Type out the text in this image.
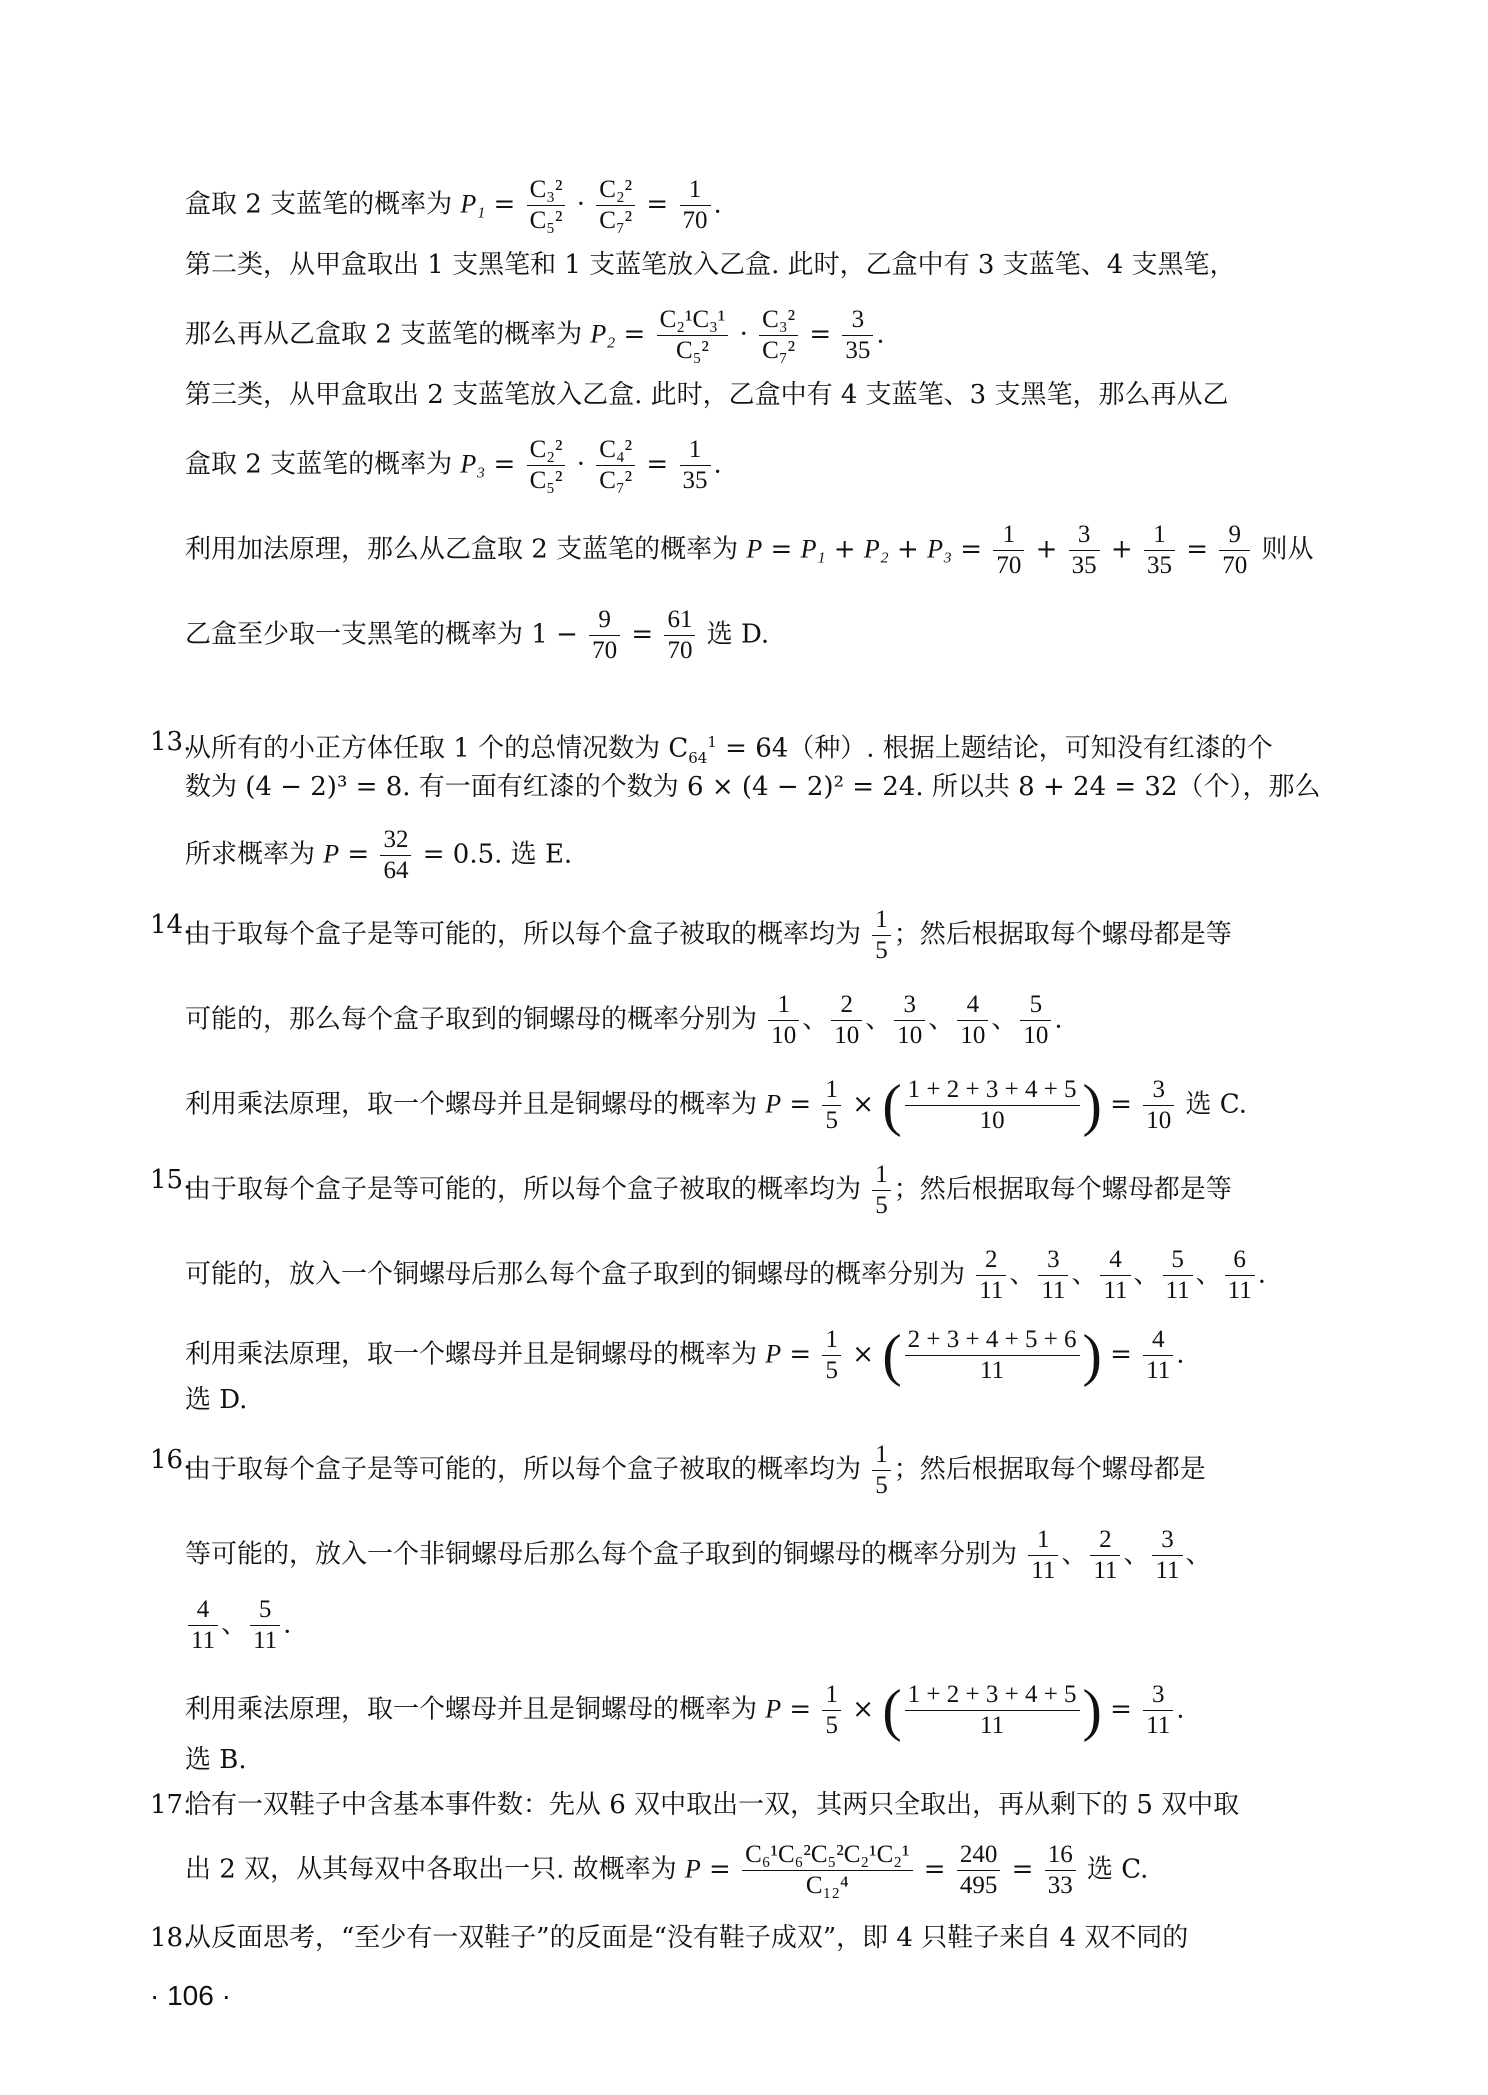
盒取 2 支蓝笔的概率为 $P_1 = \frac{\text{C₃²}}{\text{C₅²}} \cdot \frac{\text{C₂²}}{\text{C₇²}} = \frac{1}{70}$ .
第二类，从甲盒取出 1 支黑笔和 1 支蓝笔放入乙盒. 此时，乙盒中有 3 支蓝笔、4 支黑笔，
那么再从乙盒取 2 支蓝笔的概率为 $P_2 = \frac{\text{C₂¹C₃¹}}{\text{C₅²}} \cdot \frac{\text{C₃²}}{\text{C₇²}} = \frac{3}{35}$ .
第三类，从甲盒取出 2 支蓝笔放入乙盒. 此时，乙盒中有 4 支蓝笔、3 支黑笔，那么再从乙
盒取 2 支蓝笔的概率为 $P_3 = \frac{\text{C₂²}}{\text{C₅²}} \cdot \frac{\text{C₄²}}{\text{C₇²}} = \frac{1}{35}$ .
利用加法原理，那么从乙盒取 2 支蓝笔的概率为 $P = P_1 + P_2 + P_3 = \frac{1}{70} + \frac{3}{35} + \frac{1}{35} = \frac{9}{70}$ 则从
乙盒至少取一支黑笔的概率为 $1 - \frac{9}{70} = \frac{61}{70}$ 选 D.
13.
从所有的小正方体任取 1 个的总情况数为 $C_{64}^1 = 64$（种）. 根据上题结论，可知没有红漆的个
数为 (4 − 2)³ = 8. 有一面有红漆的个数为 6 × (4 − 2)² = 24. 所以共 8 + 24 = 32（个），那么
所求概率为 $P = \frac{32}{64} = 0.5$. 选 E.
14.
由于取每个盒子是等可能的，所以每个盒子被取的概率均为 $\frac{1}{5}$ ；然后根据取每个螺母都是等
可能的，那么每个盒子取到的铜螺母的概率分别为 $\frac{1}{10}$ 、 $\frac{2}{10}$ 、 $\frac{3}{10}$ 、 $\frac{4}{10}$ 、 $\frac{5}{10}$ .
利用乘法原理，取一个螺母并且是铜螺母的概率为 $P = \frac{1}{5}$ × ( $\frac{1 + 2 + 3 + 4 + 5}{10}$ ) = $\frac{3}{10}$ 选 C.
15.
由于取每个盒子是等可能的，所以每个盒子被取的概率均为 $\frac{1}{5}$ ；然后根据取每个螺母都是等
可能的，放入一个铜螺母后那么每个盒子取到的铜螺母的概率分别为 $\frac{2}{11}$ 、 $\frac{3}{11}$ 、 $\frac{4}{11}$ 、 $\frac{5}{11}$ 、 $\frac{6}{11}$ .
利用乘法原理，取一个螺母并且是铜螺母的概率为 $P = \frac{1}{5}$ × ( $\frac{2 + 3 + 4 + 5 + 6}{11}$ ) = $\frac{4}{11}$ .
选 D.
16.
由于取每个盒子是等可能的，所以每个盒子被取的概率均为 $\frac{1}{5}$ ；然后根据取每个螺母都是
等可能的，放入一个非铜螺母后那么每个盒子取到的铜螺母的概率分别为 $\frac{1}{11}$ 、 $\frac{2}{11}$ 、 $\frac{3}{11}$ 、
$\frac{4}{11}$ 、 $\frac{5}{11}$ .
利用乘法原理，取一个螺母并且是铜螺母的概率为 $P = \frac{1}{5}$ × ( $\frac{1 + 2 + 3 + 4 + 5}{11}$ ) = $\frac{3}{11}$ .
选 B.
17.
恰有一双鞋子中含基本事件数：先从 6 双中取出一双，其两只全取出，再从剩下的 5 双中取
出 2 双，从其每双中各取出一只. 故概率为 $P = \frac{\text{C₆¹C₆²C₅²C₂¹C₂¹}}{\text{C₁₂⁴}} = \frac{240}{495} = \frac{16}{33}$ 选 C.
18.
从反面思考，“至少有一双鞋子”的反面是“没有鞋子成双”，即 4 只鞋子来自 4 双不同的
· 106 ·
